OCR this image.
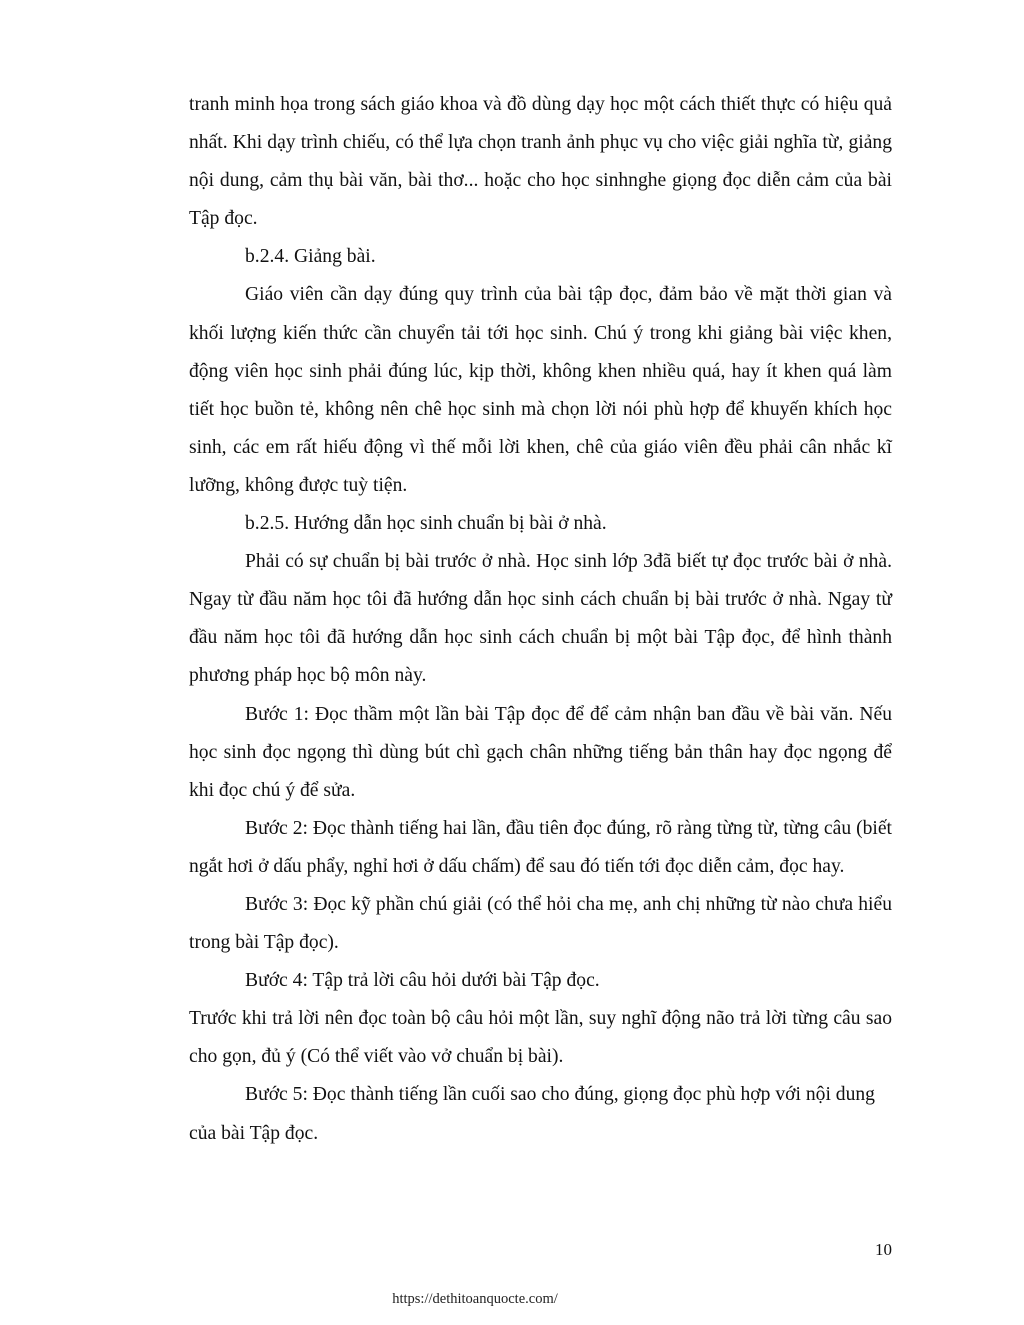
tranh minh họa trong sách giáo khoa và đồ dùng dạy học một cách thiết thực có hiệu quả nhất. Khi dạy trình chiếu, có thể lựa chọn tranh ảnh phục vụ cho việc giải nghĩa từ, giảng nội dung, cảm thụ bài văn, bài thơ... hoặc cho học sinhnghe giọng đọc diễn cảm của bài Tập đọc.

b.2.4. Giảng bài.

Giáo viên cần dạy đúng quy trình của bài tập đọc, đảm bảo về mặt thời gian và khối lượng kiến thức cần chuyển tải tới học sinh. Chú ý trong khi giảng bài việc khen, động viên học sinh phải đúng lúc, kịp thời, không khen nhiều quá, hay ít khen quá làm tiết học buồn tẻ, không nên chê học sinh mà chọn lời nói phù hợp để khuyến khích học sinh, các em rất hiếu động vì thế mỗi lời khen, chê của giáo viên đều phải cân nhắc kĩ lưỡng, không được tuỳ tiện.

b.2.5. Hướng dẫn học sinh chuẩn bị bài ở nhà.

Phải có sự chuẩn bị bài trước ở nhà. Học sinh lớp 3đã biết tự đọc trước bài ở nhà. Ngay từ đầu năm học tôi đã hướng dẫn học sinh cách chuẩn bị bài trước ở nhà. Ngay từ đầu năm học tôi đã hướng dẫn học sinh cách chuẩn bị một bài Tập đọc, để hình thành phương pháp học bộ môn này.

Bước 1: Đọc thầm một lần bài Tập đọc để để cảm nhận ban đầu về bài văn. Nếu học sinh đọc ngọng thì dùng bút chì gạch chân những tiếng bản thân hay đọc ngọng để khi đọc chú ý để sửa.

Bước 2: Đọc thành tiếng hai lần, đầu tiên đọc đúng, rõ ràng từng từ, từng câu (biết ngắt hơi ở dấu phẩy, nghỉ hơi ở dấu chấm) để sau đó tiến tới đọc diễn cảm, đọc hay.

Bước 3: Đọc kỹ phần chú giải (có thể hỏi cha mẹ, anh chị những từ nào chưa hiểu trong bài Tập đọc).

Bước 4: Tập trả lời câu hỏi dưới bài Tập đọc.

Trước khi trả lời nên đọc toàn bộ câu hỏi một lần, suy nghĩ động não trả lời từng câu sao cho gọn, đủ ý (Có thể viết vào vở chuẩn bị bài).

Bước 5: Đọc thành tiếng lần cuối sao cho đúng, giọng đọc phù hợp với nội dung của bài Tập đọc.

10
https://dethitoanquocte.com/
